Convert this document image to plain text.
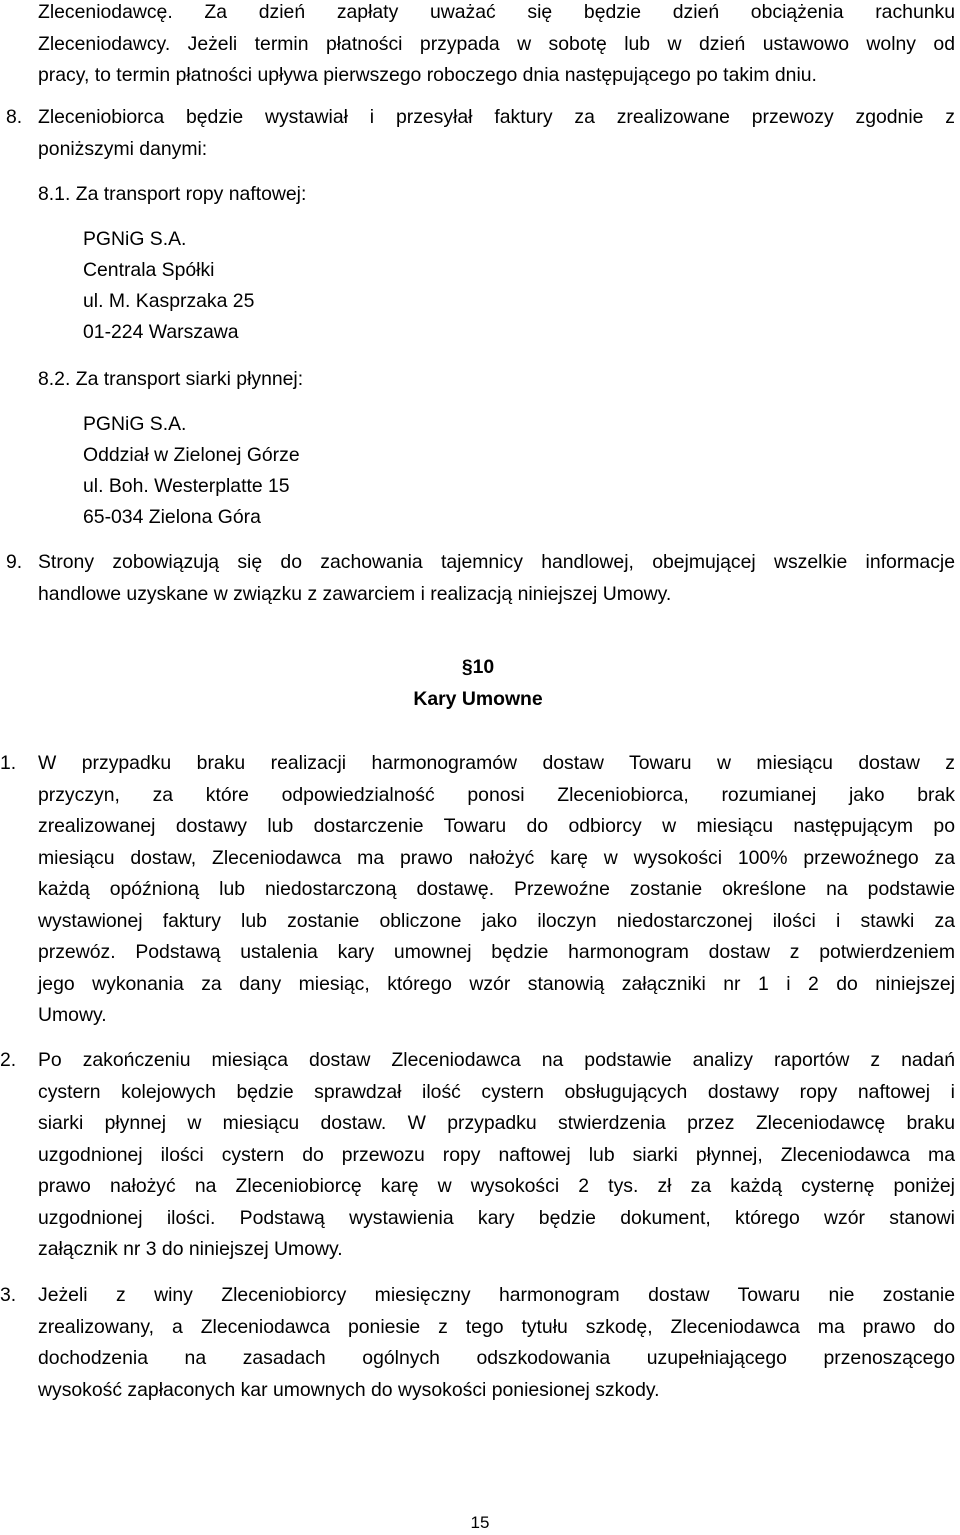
Zleceniodawcę. Za dzień zapłaty uważać się będzie dzień obciążenia rachunku
Zleceniodawcy. Jeżeli termin płatności przypada w sobotę lub w dzień ustawowo wolny od
pracy, to termin płatności upływa pierwszego roboczego dnia następującego po takim dniu.
8. Zleceniobiorca będzie wystawiał i przesyłał faktury za zrealizowane przewozy zgodnie z
poniższymi danymi:
8.1. Za transport ropy naftowej:
PGNiG S.A.
Centrala Spółki
ul. M. Kasprzaka 25
01-224 Warszawa
8.2. Za transport siarki płynnej:
PGNiG S.A.
Oddział w Zielonej Górze
ul. Boh. Westerplatte 15
65-034 Zielona Góra
9. Strony zobowiązują się do zachowania tajemnicy handlowej, obejmującej wszelkie informacje
handlowe uzyskane w związku z zawarciem i realizacją niniejszej Umowy.
§10
Kary Umowne
1. W przypadku braku realizacji harmonogramów dostaw Towaru w miesiącu dostaw z
przyczyn, za które odpowiedzialność ponosi Zleceniobiorca, rozumianej jako brak
zrealizowanej dostawy lub dostarczenie Towaru do odbiorcy w miesiącu następującym po
miesiącu dostaw, Zleceniodawca ma prawo nałożyć karę w wysokości 100% przewoźnego za
każdą opóźnioną lub niedostarczoną dostawę. Przewoźne zostanie określone na podstawie
wystawionej faktury lub zostanie obliczone jako iloczyn niedostarczonej ilości i stawki za
przewóz. Podstawą ustalenia kary umownej będzie harmonogram dostaw z potwierdzeniem
jego wykonania za dany miesiąc, którego wzór stanowią załączniki nr 1 i 2 do niniejszej
Umowy.
2. Po zakończeniu miesiąca dostaw Zleceniodawca na podstawie analizy raportów z nadań
cystern kolejowych będzie sprawdzał ilość cystern obsługujących dostawy ropy naftowej i
siarki płynnej w miesiącu dostaw. W przypadku stwierdzenia przez Zleceniodawcę braku
uzgodnionej ilości cystern do przewozu ropy naftowej lub siarki płynnej, Zleceniodawca ma
prawo nałożyć na Zleceniobiorcę karę w wysokości 2 tys. zł za każdą cysternę poniżej
uzgodnionej ilości. Podstawą wystawienia kary będzie dokument, którego wzór stanowi
załącznik nr 3 do niniejszej Umowy.
3. Jeżeli z winy Zleceniobiorcy miesięczny harmonogram dostaw Towaru nie zostanie
zrealizowany, a Zleceniodawca poniesie z tego tytułu szkodę, Zleceniodawca ma prawo do
dochodzenia na zasadach ogólnych odszkodowania uzupełniającego przenoszącego
wysokość zapłaconych kar umownych do wysokości poniesionej szkody.
15
